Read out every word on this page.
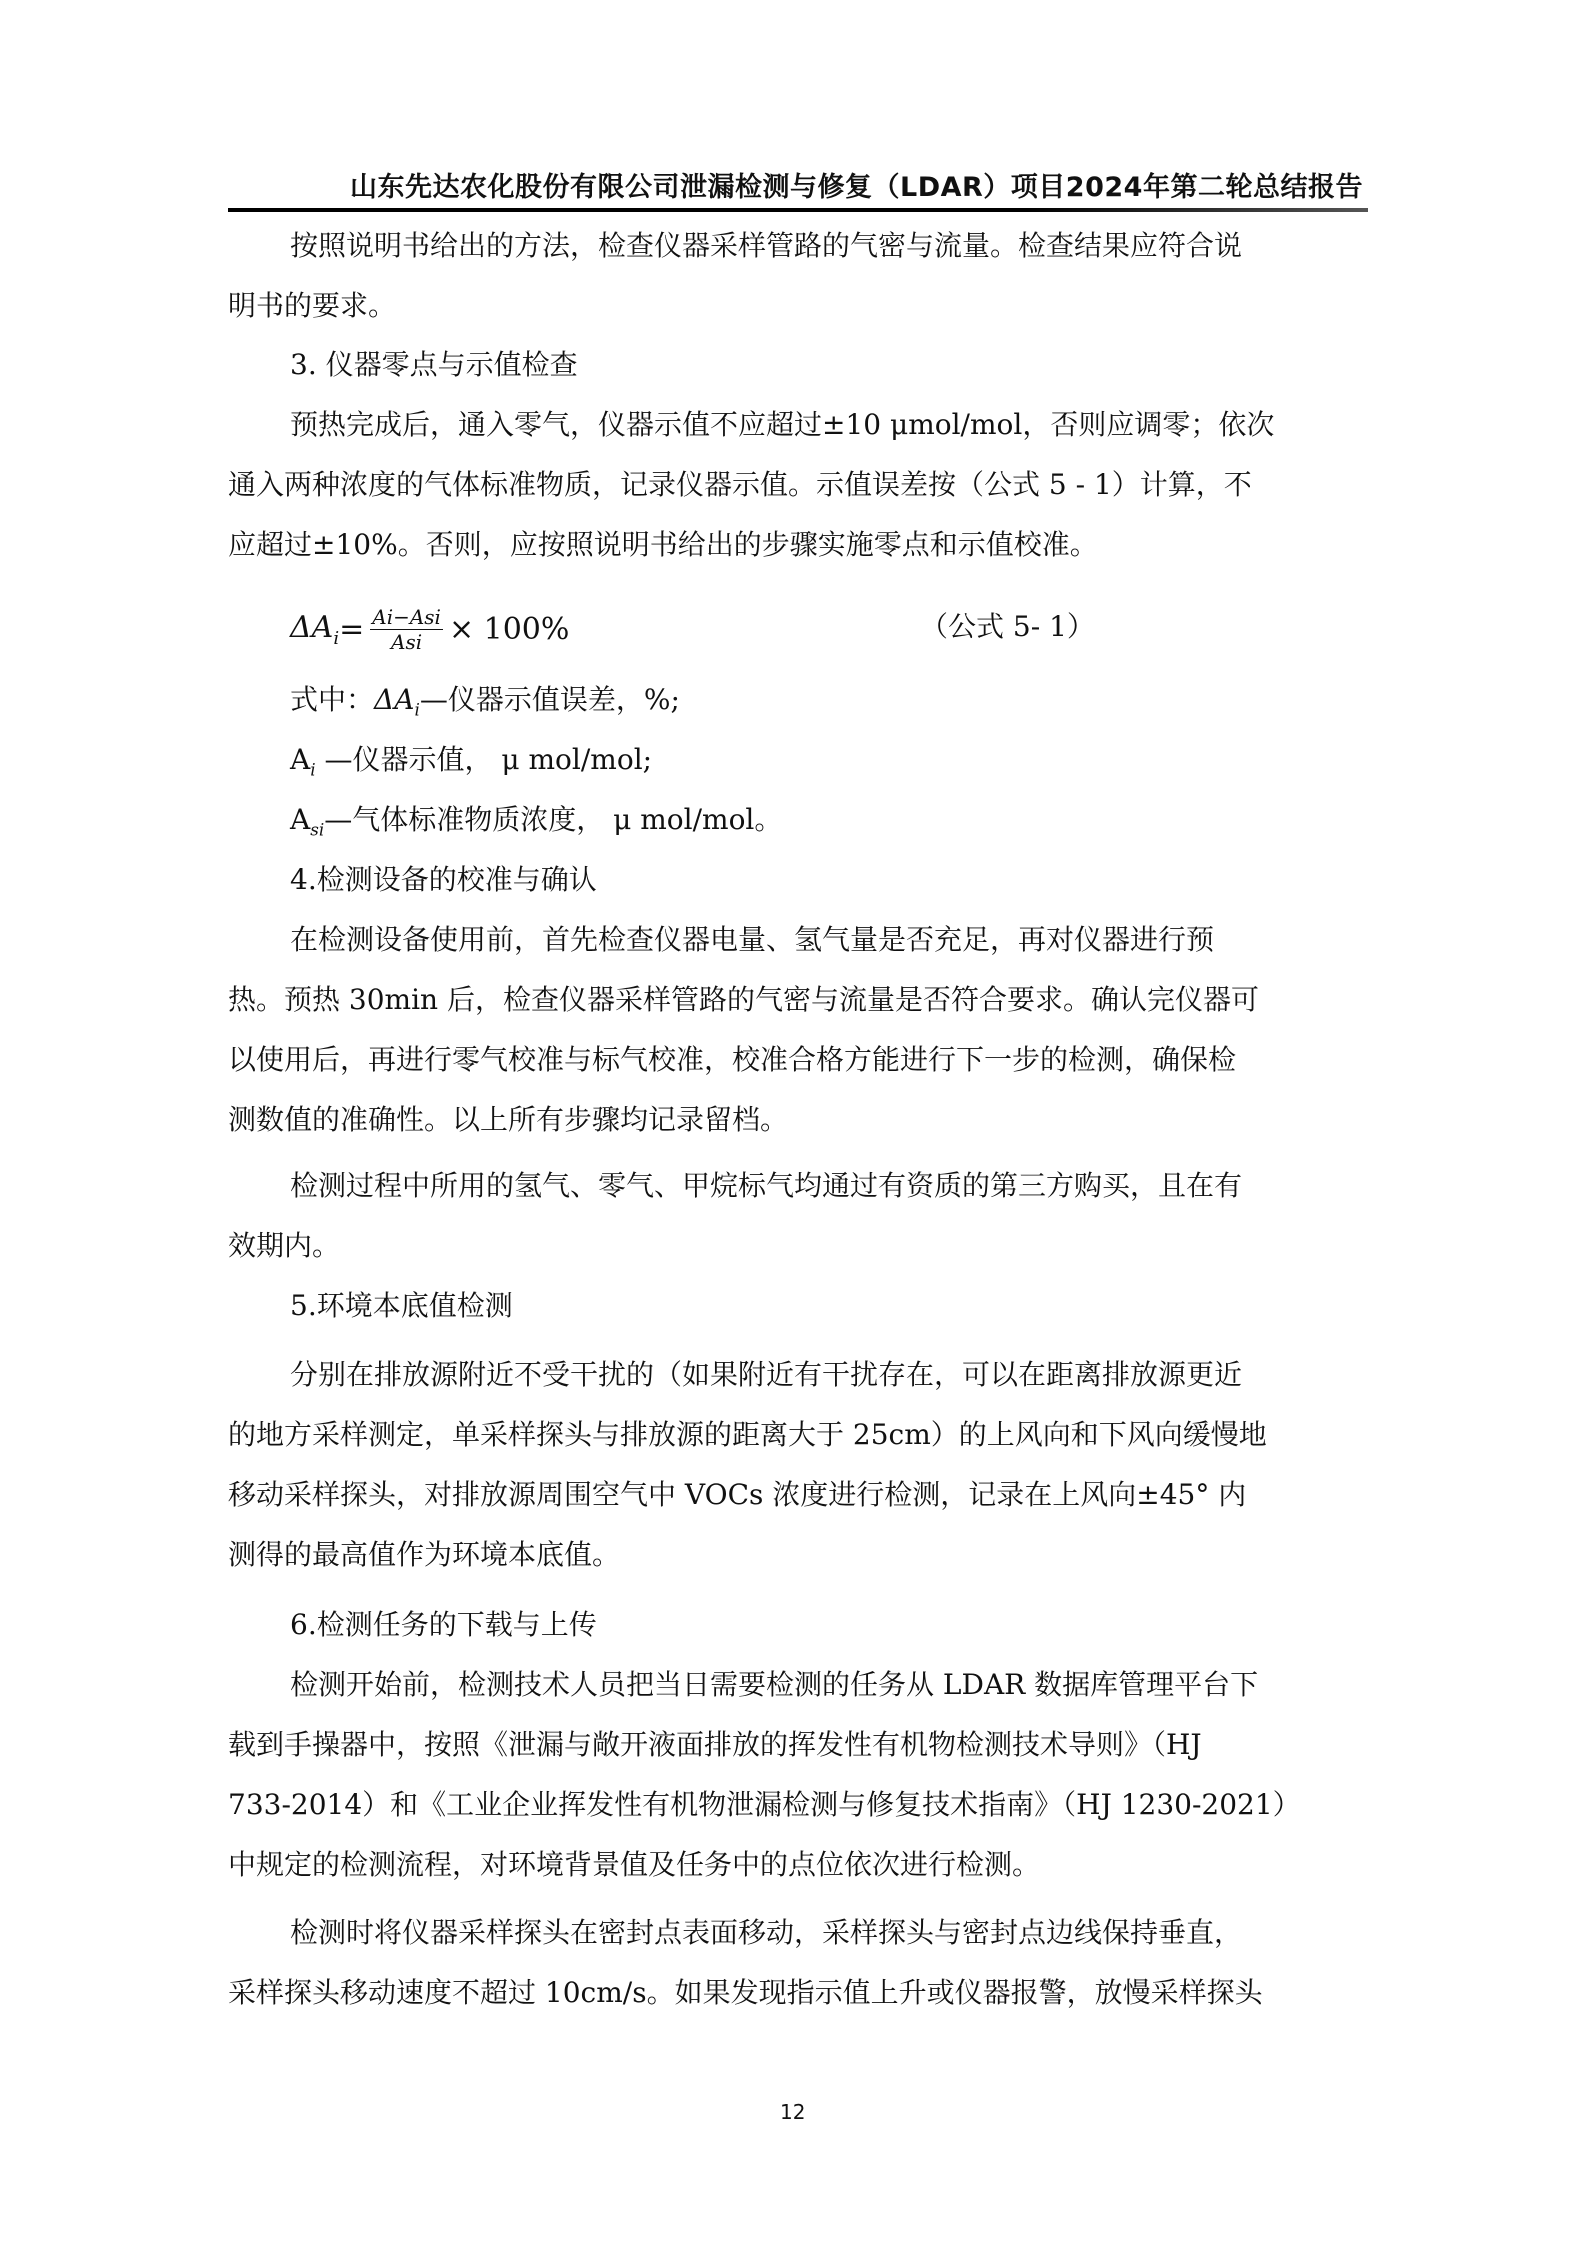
山东先达农化股份有限公司泄漏检测与修复（LDAR）项目2024年第二轮总结报告
按照说明书给出的方法，检查仪器采样管路的气密与流量。检查结果应符合说
明书的要求。
3. 仪器零点与示值检查
预热完成后，通入零气，仪器示值不应超过±10 μmol/mol，否则应调零；依次
通入两种浓度的气体标准物质，记录仪器示值。示值误差按（公式 5 - 1）计算，不
应超过±10%。否则，应按照说明书给出的步骤实施零点和示值校准。
$\Delta A_i = \frac{\text{Ai−Asi}}{\text{Asi}} \times 100\%$	（公式 5- 1）
式中：$\Delta A_i—$仪器示值误差，%;
$A_i$ —仪器示值， μ mol/mol;
$A_{si}—$气体标准物质浓度， μ mol/mol。
4.检测设备的校准与确认
在检测设备使用前，首先检查仪器电量、氢气量是否充足，再对仪器进行预
热。预热 30min 后，检查仪器采样管路的气密与流量是否符合要求。确认完仪器可
以使用后，再进行零气校准与标气校准，校准合格方能进行下一步的检测，确保检
测数值的准确性。以上所有步骤均记录留档。
检测过程中所用的氢气、零气、甲烷标气均通过有资质的第三方购买，且在有
效期内。
5.环境本底值检测
分别在排放源附近不受干扰的（如果附近有干扰存在，可以在距离排放源更近
的地方采样测定，单采样探头与排放源的距离大于 25cm）的上风向和下风向缓慢地
移动采样探头，对排放源周围空气中 VOCs 浓度进行检测，记录在上风向±45° 内
测得的最高值作为环境本底值。
6.检测任务的下载与上传
检测开始前，检测技术人员把当日需要检测的任务从 LDAR 数据库管理平台下
载到手操器中，按照《泄漏与敞开液面排放的挥发性有机物检测技术导则》（HJ
733-2014）和《工业企业挥发性有机物泄漏检测与修复技术指南》（HJ 1230-2021）
中规定的检测流程，对环境背景值及任务中的点位依次进行检测。
检测时将仪器采样探头在密封点表面移动，采样探头与密封点边线保持垂直，
采样探头移动速度不超过 10cm/s。如果发现指示值上升或仪器报警，放慢采样探头
12
